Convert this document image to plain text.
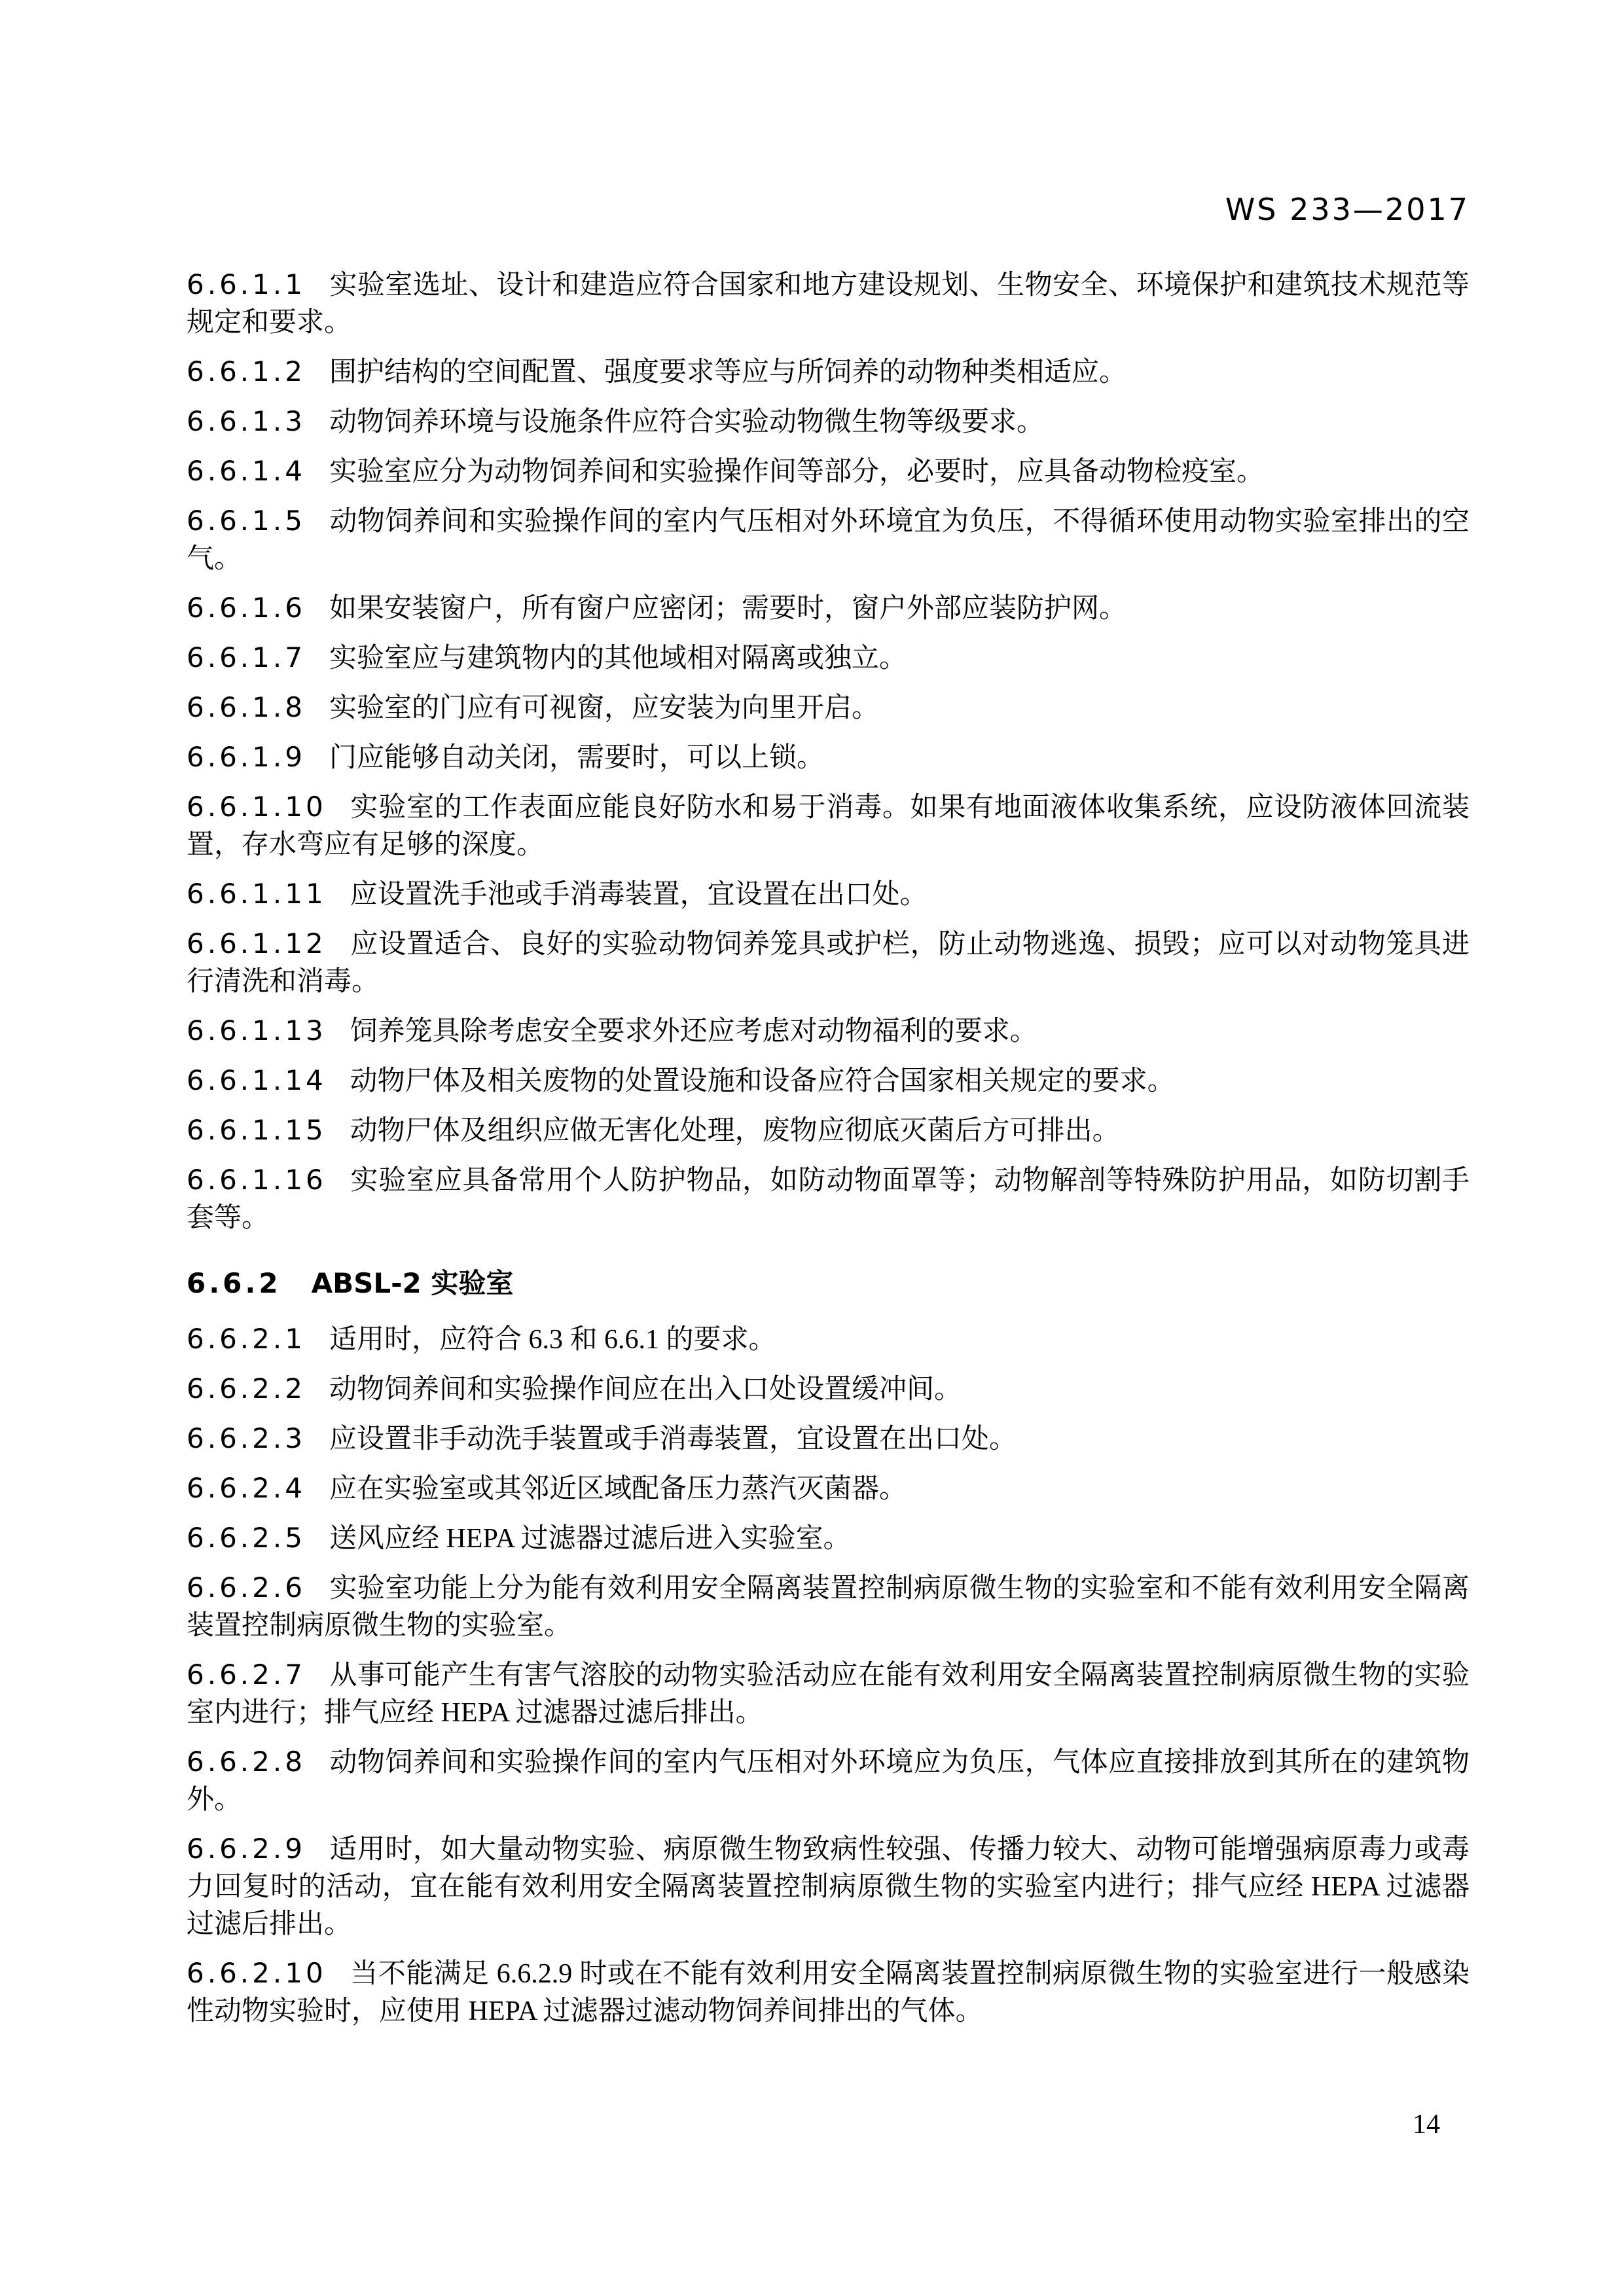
WS 233—2017

6.6.1.1 实验室选址、设计和建造应符合国家和地方建设规划、生物安全、环境保护和建筑技术规范等规定和要求。

6.6.1.2 围护结构的空间配置、强度要求等应与所饲养的动物种类相适应。

6.6.1.3 动物饲养环境与设施条件应符合实验动物微生物等级要求。

6.6.1.4 实验室应分为动物饲养间和实验操作间等部分，必要时，应具备动物检疫室。

6.6.1.5 动物饲养间和实验操作间的室内气压相对外环境宜为负压，不得循环使用动物实验室排出的空气。

6.6.1.6 如果安装窗户，所有窗户应密闭；需要时，窗户外部应装防护网。

6.6.1.7 实验室应与建筑物内的其他域相对隔离或独立。

6.6.1.8 实验室的门应有可视窗，应安装为向里开启。

6.6.1.9 门应能够自动关闭，需要时，可以上锁。

6.6.1.10 实验室的工作表面应能良好防水和易于消毒。如果有地面液体收集系统，应设防液体回流装置，存水弯应有足够的深度。

6.6.1.11 应设置洗手池或手消毒装置，宜设置在出口处。

6.6.1.12 应设置适合、良好的实验动物饲养笼具或护栏，防止动物逃逸、损毁；应可以对动物笼具进行清洗和消毒。

6.6.1.13 饲养笼具除考虑安全要求外还应考虑对动物福利的要求。

6.6.1.14 动物尸体及相关废物的处置设施和设备应符合国家相关规定的要求。

6.6.1.15 动物尸体及组织应做无害化处理，废物应彻底灭菌后方可排出。

6.6.1.16 实验室应具备常用个人防护物品，如防动物面罩等；动物解剖等特殊防护用品，如防切割手套等。

6.6.2 ABSL-2 实验室

6.6.2.1 适用时，应符合 6.3 和 6.6.1 的要求。

6.6.2.2 动物饲养间和实验操作间应在出入口处设置缓冲间。

6.6.2.3 应设置非手动洗手装置或手消毒装置，宜设置在出口处。

6.6.2.4 应在实验室或其邻近区域配备压力蒸汽灭菌器。

6.6.2.5 送风应经 HEPA 过滤器过滤后进入实验室。

6.6.2.6 实验室功能上分为能有效利用安全隔离装置控制病原微生物的实验室和不能有效利用安全隔离装置控制病原微生物的实验室。

6.6.2.7 从事可能产生有害气溶胶的动物实验活动应在能有效利用安全隔离装置控制病原微生物的实验室内进行；排气应经 HEPA 过滤器过滤后排出。

6.6.2.8 动物饲养间和实验操作间的室内气压相对外环境应为负压，气体应直接排放到其所在的建筑物外。

6.6.2.9 适用时，如大量动物实验、病原微生物致病性较强、传播力较大、动物可能增强病原毒力或毒力回复时的活动，宜在能有效利用安全隔离装置控制病原微生物的实验室内进行；排气应经 HEPA 过滤器过滤后排出。

6.6.2.10 当不能满足 6.6.2.9 时或在不能有效利用安全隔离装置控制病原微生物的实验室进行一般感染性动物实验时，应使用 HEPA 过滤器过滤动物饲养间排出的气体。

14
